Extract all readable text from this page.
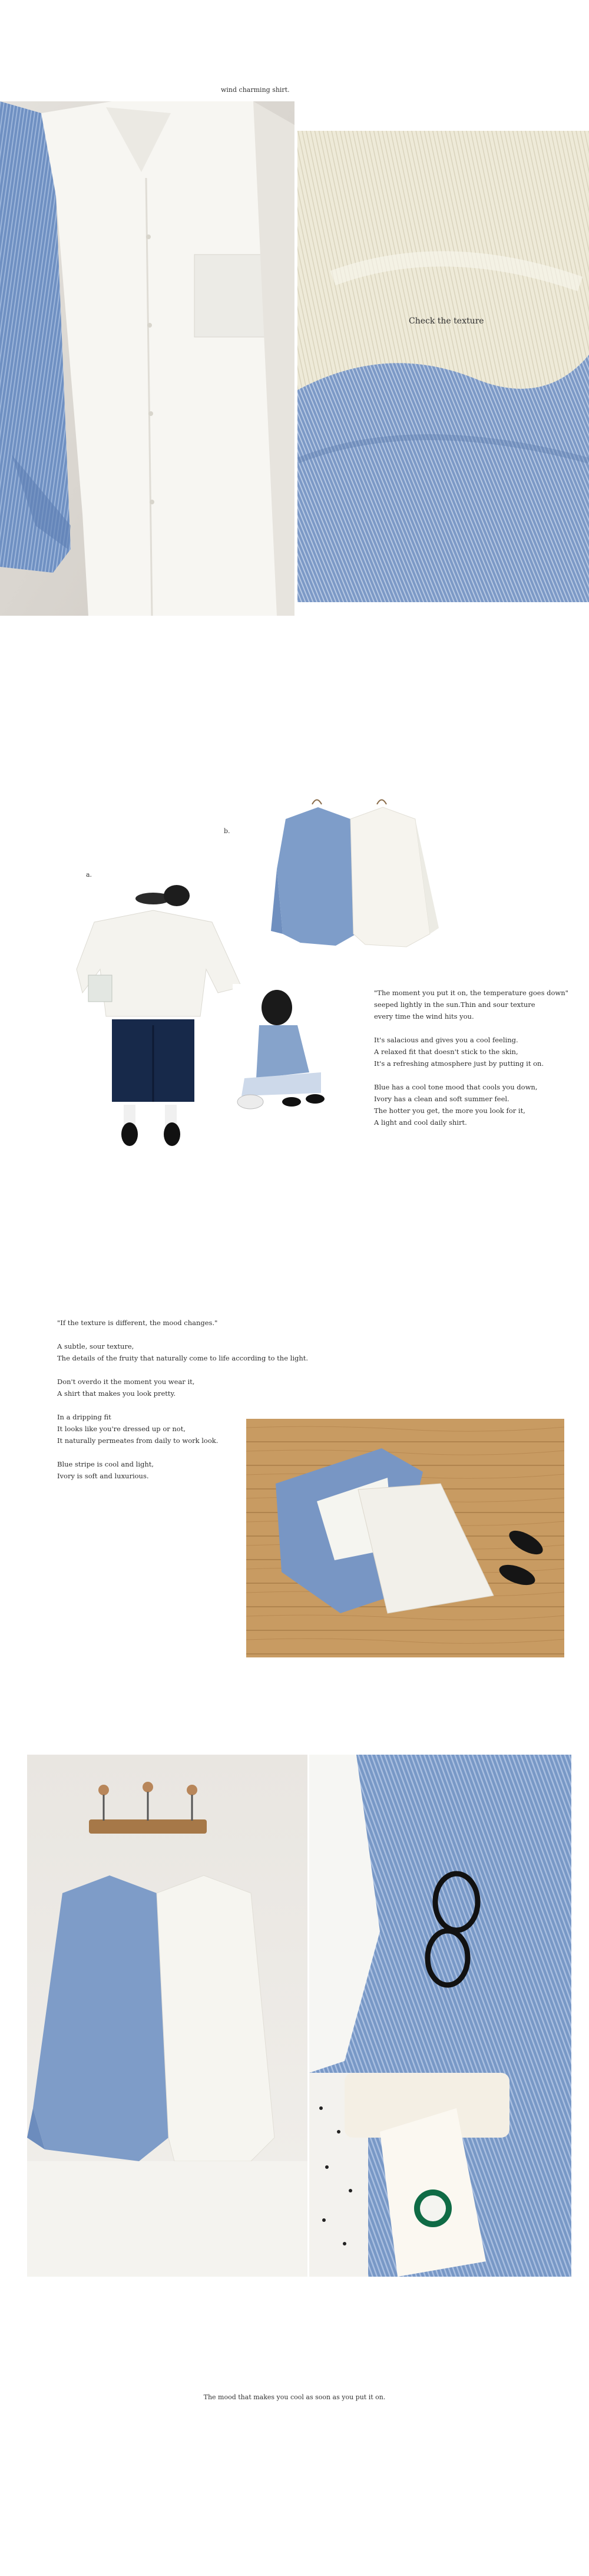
wind charming shirt.
Check the texture
b.
a.
"The moment you put it on, the temperature goes down"
seeped lightly in the sun.Thin and sour texture
every time the wind hits you.
It's salacious and gives you a cool feeling.
A relaxed fit that doesn't stick to the skin,
It's a refreshing atmosphere just by putting it on.
Blue has a cool tone mood that cools you down,
Ivory has a clean and soft summer feel.
The hotter you get, the more you look for it,
A light and cool daily shirt.
"If the texture is different, the mood changes."
A subtle, sour texture,
The details of the fruity that naturally come to life according to the light.
Don't overdo it the moment you wear it,
A shirt that makes you look pretty.
In a dripping fit
It looks like you're dressed up or not,
It naturally permeates from daily to work look.
Blue stripe is cool and light,
Ivory is soft and luxurious.
The mood that makes you cool as soon as you put it on.
